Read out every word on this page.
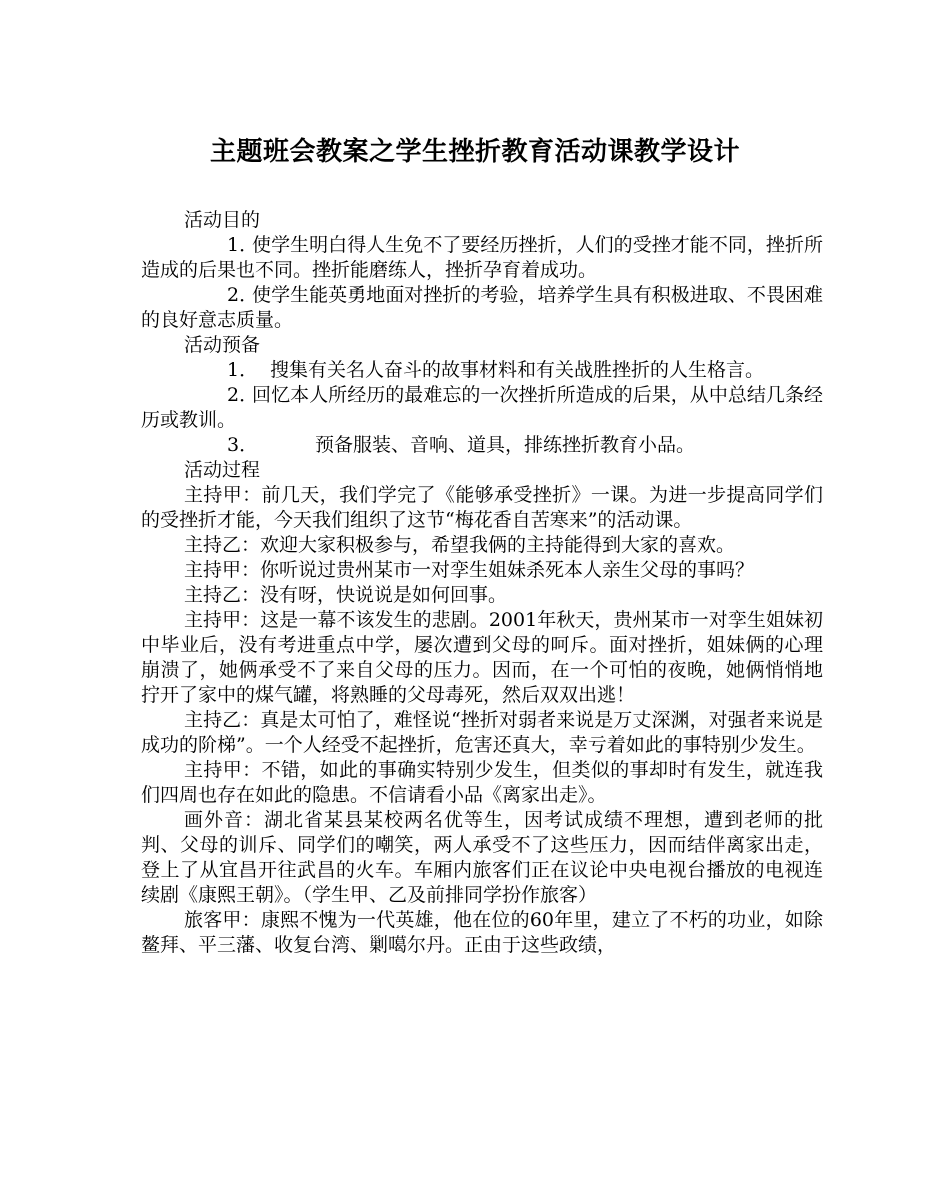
主题班会教案之学生挫折教育活动课教学设计

活动目的

1．使学生明白得人生免不了要经历挫折，人们的受挫才能不同，挫折所造成的后果也不同。挫折能磨练人，挫折孕育着成功。

2．使学生能英勇地面对挫折的考验，培养学生具有积极进取、不畏困难的良好意志质量。

活动预备

1． 搜集有关名人奋斗的故事材料和有关战胜挫折的人生格言。

2．回忆本人所经历的最难忘的一次挫折所造成的后果，从中总结几条经历或教训。

3．	预备服装、音响、道具，排练挫折教育小品。

活动过程

主持甲：前几天，我们学完了《能够承受挫折》一课。为进一步提高同学们的受挫折才能，今天我们组织了这节“梅花香自苦寒来”的活动课。

主持乙：欢迎大家积极参与，希望我俩的主持能得到大家的喜欢。

主持甲：你听说过贵州某市一对孪生姐妹杀死本人亲生父母的事吗？

主持乙：没有呀，快说说是如何回事。

主持甲：这是一幕不该发生的悲剧。2001年秋天，贵州某市一对孪生姐妹初中毕业后，没有考进重点中学，屡次遭到父母的呵斥。面对挫折，姐妹俩的心理崩溃了，她俩承受不了来自父母的压力。因而，在一个可怕的夜晚，她俩悄悄地拧开了家中的煤气罐，将熟睡的父母毒死，然后双双出逃！

主持乙：真是太可怕了，难怪说“挫折对弱者来说是万丈深渊，对强者来说是成功的阶梯”。一个人经受不起挫折，危害还真大，幸亏着如此的事特别少发生。

主持甲：不错，如此的事确实特别少发生，但类似的事却时有发生，就连我们四周也存在如此的隐患。不信请看小品《离家出走》。

画外音：湖北省某县某校两名优等生，因考试成绩不理想，遭到老师的批判、父母的训斥、同学们的嘲笑，两人承受不了这些压力，因而结伴离家出走，登上了从宜昌开往武昌的火车。车厢内旅客们正在议论中央电视台播放的电视连续剧《康熙王朝》。（学生甲、乙及前排同学扮作旅客）

旅客甲：康熙不愧为一代英雄，他在位的60年里，建立了不朽的功业，如除鳌拜、平三藩、收复台湾、剿噶尔丹。正由于这些政绩，
